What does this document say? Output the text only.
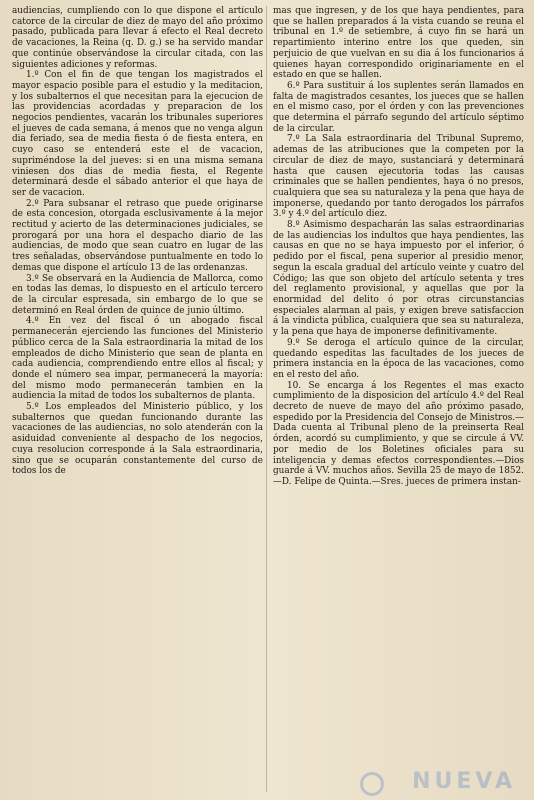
audiencias, cumpliendo con lo que dispone el artículo catorce de la circular de diez de mayo del año próximo pasado, publicada para llevar á efecto el Real decreto de vacaciones, la Reina (q. D. g.) se ha servido mandar que continúe observándose la circular citada, con las siguientes adiciones y reformas.

1.º Con el fin de que tengan los magistrados el mayor espacio posible para el estudio y la meditacion, y los subalternos el que necesitan para la ejecucion de las providencias acordadas y preparacion de los negocios pendientes, vacarán los tribunales superiores el jueves de cada semana, á menos que no venga algun dia feriado, sea de media fiesta ó de fiesta entera, en cuyo caso se entenderá este el de vacacion, supriméndose la del jueves: si en una misma semana viniesen dos dias de media fiesta, el Regente determinará desde el sábado anterior el que haya de ser de vacacion.

2.º Para subsanar el retraso que puede originarse de esta concesion, otorgada esclusivamente á la mejor rectitud y acierto de las determinaciones judiciales, se prorogará por una hora el despacho diario de las audiencias, de modo que sean cuatro en lugar de las tres señaladas, observándose puntualmente en todo lo demas que dispone el artículo 13 de las ordenanzas.

3.º Se observará en la Audiencia de Mallorca, como en todas las demas, lo dispuesto en el artículo tercero de la circular espresada, sin embargo de lo que se determinó en Real órden de quince de junio último.

4.º En vez del fiscal ó un abogado fiscal permanecerán ejerciendo las funciones del Ministerio público cerca de la Sala estraordinaria la mitad de los empleados de dicho Ministerio que sean de planta en cada audiencia, comprendiendo entre ellos al fiscal; y donde el número sea impar, permanecerá la mayoría: del mismo modo permanecerán tambien en la audiencia la mitad de todos los subalternos de planta.

5.º Los empleados del Ministerio público, y los subalternos que quedan funcionando durante las vacaciones de las audiencias, no solo atenderán con la asiduidad conveniente al despacho de los negocios, cuya resolucion corresponde á la Sala estraordinaria, sino que se ocuparán constantemente del curso de todos los de

mas que ingresen, y de los que haya pendientes, para que se hallen preparados á la vista cuando se reuna el tribunal en 1.º de setiembre, á cuyo fin se hará un repartimiento interino entre los que queden, sin perjuicio de que vuelvan en su dia á los funcionarios á quienes hayan correspondido originariamente en el estado en que se hallen.

6.º Para sustituir á los suplentes serán llamados en falta de magistrados cesantes, los jueces que se hallen en el mismo caso, por el órden y con las prevenciones que determina el párrafo segundo del artículo séptimo de la circular.

7.º La Sala estraordinaria del Tribunal Supremo, ademas de las atribuciones que la competen por la circular de diez de mayo, sustanciará y determinará hasta que causen ejecutoria todas las causas criminales que se hallen pendientes, haya ó no presos, cualquiera que sea su naturaleza y la pena que haya de imponerse, quedando por tanto derogados los párrafos 3.º y 4.º del artículo diez.

8.º Asimismo despacharán las salas estraordinarias de las audiencias los indultos que haya pendientes, las causas en que no se haya impuesto por el inferior, ó pedido por el fiscal, pena superior al presidio menor, segun la escala gradual del artículo veinte y cuatro del Código; las que son objeto del artículo setenta y tres del reglamento provisional, y aquellas que por la enormidad del delito ó por otras circunstancias especiales alarman al pais, y exigen breve satisfaccion á la vindicta pública, cualquiera que sea su naturaleza, y la pena que haya de imponerse definitivamente.

9.º Se deroga el artículo quince de la circular, quedando espeditas las facultades de los jueces de primera instancia en la época de las vacaciones, como en el resto del año.

10. Se encarga á los Regentes el mas exacto cumplimiento de la disposicion del artículo 4.º del Real decreto de nueve de mayo del año próximo pasado, espedido por la Presidencia del Consejo de Ministros.—Dada cuenta al Tribunal pleno de la preinserta Real órden, acordó su cumplimiento, y que se circule á VV. por medio de los Boletines oficiales para su inteligencia y demas efectos correspondientes.—Dios guarde á VV. muchos años. Sevilla 25 de mayo de 1852.—D. Felipe de Quinta.—Sres. jueces de primera instan-

NUEVA
